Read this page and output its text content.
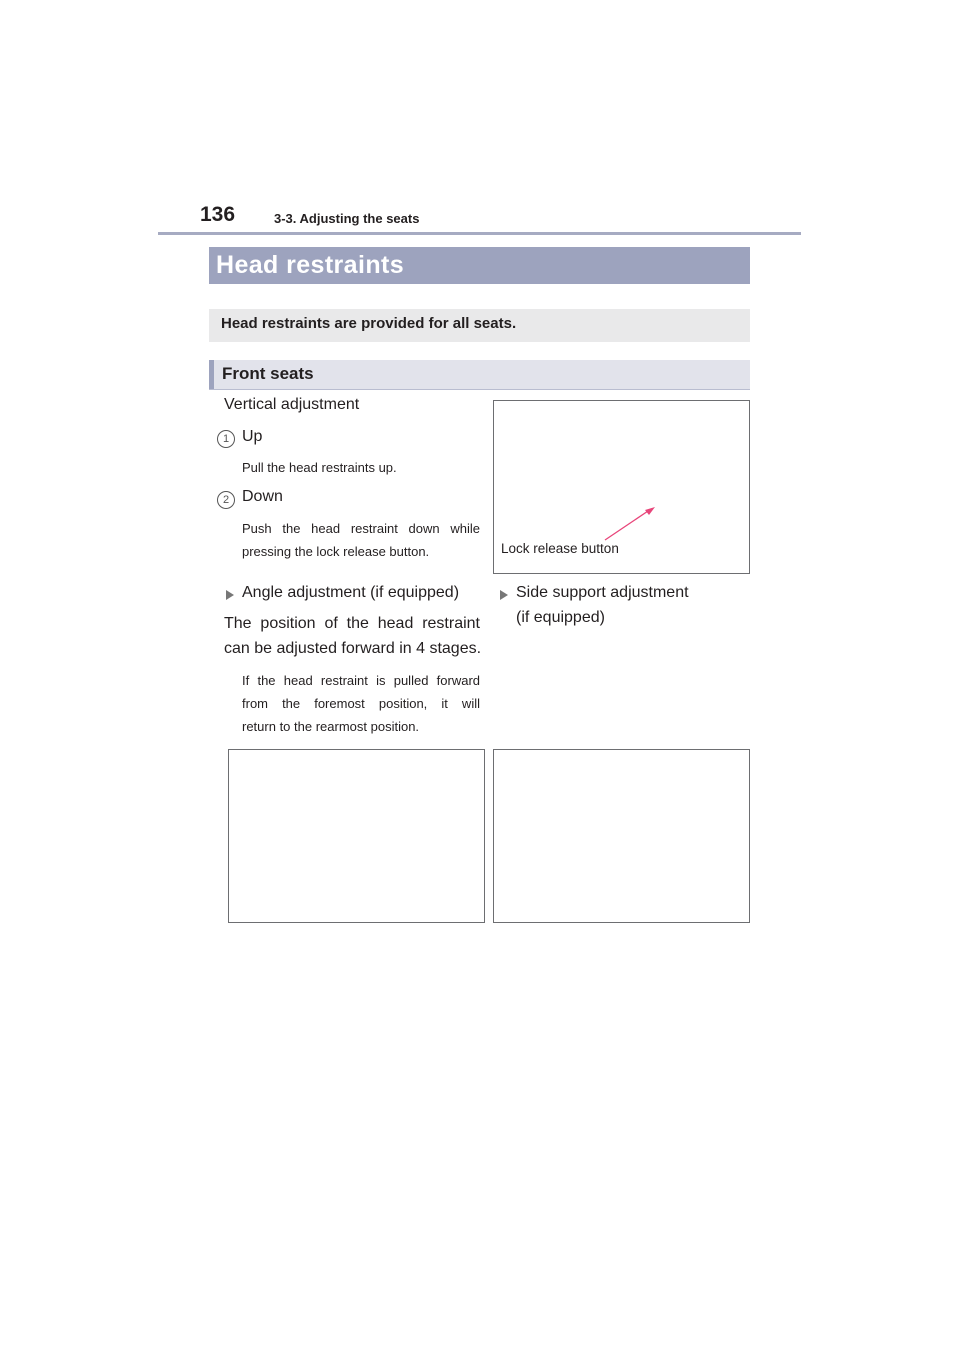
136	3-3. Adjusting the seats
Head restraints
Head restraints are provided for all seats.
Front seats
Vertical adjustment
1 Up
Pull the head restraints up.
2 Down
Push the head restraint down while
pressing the lock release button.	Lock release button
Angle adjustment (if equipped)
The position of the head restraint
can be adjusted forward in 4 stages.
If the head restraint is pulled forward
from the foremost position, it will
return to the rearmost position.
Side support adjustment
(if equipped)
